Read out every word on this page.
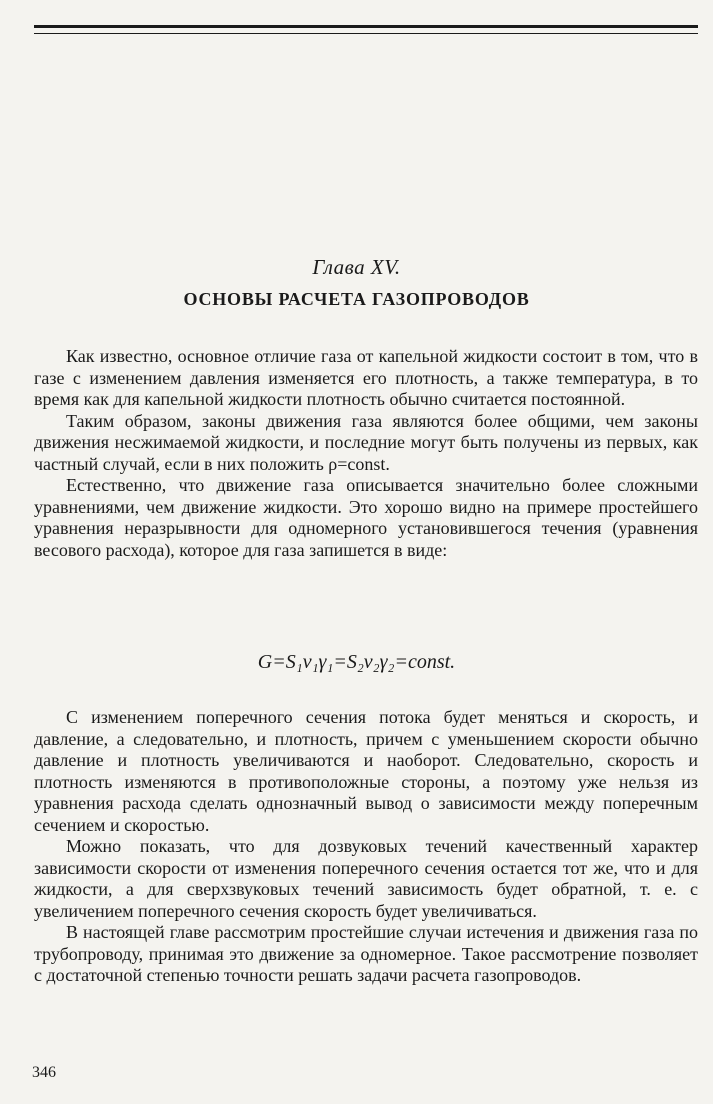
Глава XV.
ОСНОВЫ РАСЧЕТА ГАЗОПРОВОДОВ

Как известно, основное отличие газа от капельной жидкости состоит в том, что в газе с изменением давления изменяется его плотность, а также температура, в то время как для капельной жидкости плотность обычно считается постоянной.

Таким образом, законы движения газа являются более общими, чем законы движения несжимаемой жидкости, и последние могут быть получены из первых, как частный случай, если в них положить ρ=const.

Естественно, что движение газа описывается значительно более сложными уравнениями, чем движение жидкости. Это хорошо видно на примере простейшего уравнения неразрывности для одномерного установившегося течения (уравнения весового расхода), которое для газа запишется в виде:

G=S₁v₁γ₁=S₂v₂γ₂=const.

С изменением поперечного сечения потока будет меняться и скорость, и давление, а следовательно, и плотность, причем с уменьшением скорости обычно давление и плотность увеличиваются и наоборот. Следовательно, скорость и плотность изменяются в противоположные стороны, а поэтому уже нельзя из уравнения расхода сделать однозначный вывод о зависимости между поперечным сечением и скоростью.

Можно показать, что для дозвуковых течений качественный характер зависимости скорости от изменения поперечного сечения остается тот же, что и для жидкости, а для сверхзвуковых течений зависимость будет обратной, т. е. с увеличением поперечного сечения скорость будет увеличиваться.

В настоящей главе рассмотрим простейшие случаи истечения и движения газа по трубопроводу, принимая это движение за одномерное. Такое рассмотрение позволяет с достаточной степенью точности решать задачи расчета газопроводов.

346
